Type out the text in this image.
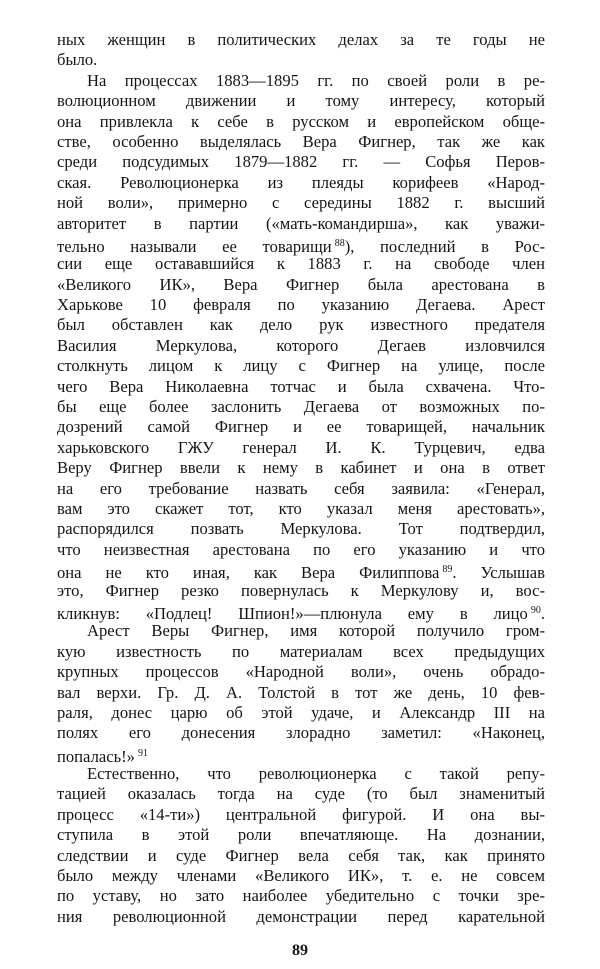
ных женщин в политических делах за те годы не
было.
На процессах 1883—1895 гг. по своей роли в ре-
волюционном движении и тому интересу, который
она привлекла к себе в русском и европейском обще-
стве, особенно выделялась Вера Фигнер, так же как
среди подсудимых 1879—1882 гг. — Софья Перов-
ская. Революционерка из плеяды корифеев «Народ-
ной воли», примерно с середины 1882 г. высший
авторитет в партии («мать-командирша», как уважи-
тельно называли ее товарищи $^{88}$), последний в Рос-
сии еще остававшийся к 1883 г. на свободе член
«Великого ИК», Вера Фигнер была арестована в
Харькове 10 февраля по указанию Дегаева. Арест
был обставлен как дело рук известного предателя
Василия Меркулова, которого Дегаев изловчился
столкнуть лицом к лицу с Фигнер на улице, после
чего Вера Николаевна тотчас и была схвачена. Что-
бы еще более заслонить Дегаева от возможных по-
дозрений самой Фигнер и ее товарищей, начальник
харьковского ГЖУ генерал И. К. Турцевич, едва
Веру Фигнер ввели к нему в кабинет и она в ответ
на его требование назвать себя заявила: «Генерал,
вам это скажет тот, кто указал меня арестовать»,
распорядился позвать Меркулова. Тот подтвердил,
что неизвестная арестована по его указанию и что
она не кто иная, как Вера Филиппова $^{89}$. Услышав
это, Фигнер резко повернулась к Меркулову и, вос-
кликнув: «Подлец! Шпион!»—плюнула ему в лицо $^{90}$.
Арест Веры Фигнер, имя которой получило гром-
кую известность по материалам всех предыдущих
крупных процессов «Народной воли», очень обрадо-
вал верхи. Гр. Д. А. Толстой в тот же день, 10 фев-
раля, донес царю об этой удаче, и Александр III на
полях его донесения злорадно заметил: «Наконец,
попалась!» $^{91}$
Естественно, что революционерка с такой репу-
тацией оказалась тогда на суде (то был знаменитый
процесс «14-ти») центральной фигурой. И она вы-
ступила в этой роли впечатляюще. На дознании,
следствии и суде Фигнер вела себя так, как принято
было между членами «Великого ИК», т. е. не совсем
по уставу, но зато наиболее убедительно с точки зре-
ния революционной демонстрации перед карательной
89
